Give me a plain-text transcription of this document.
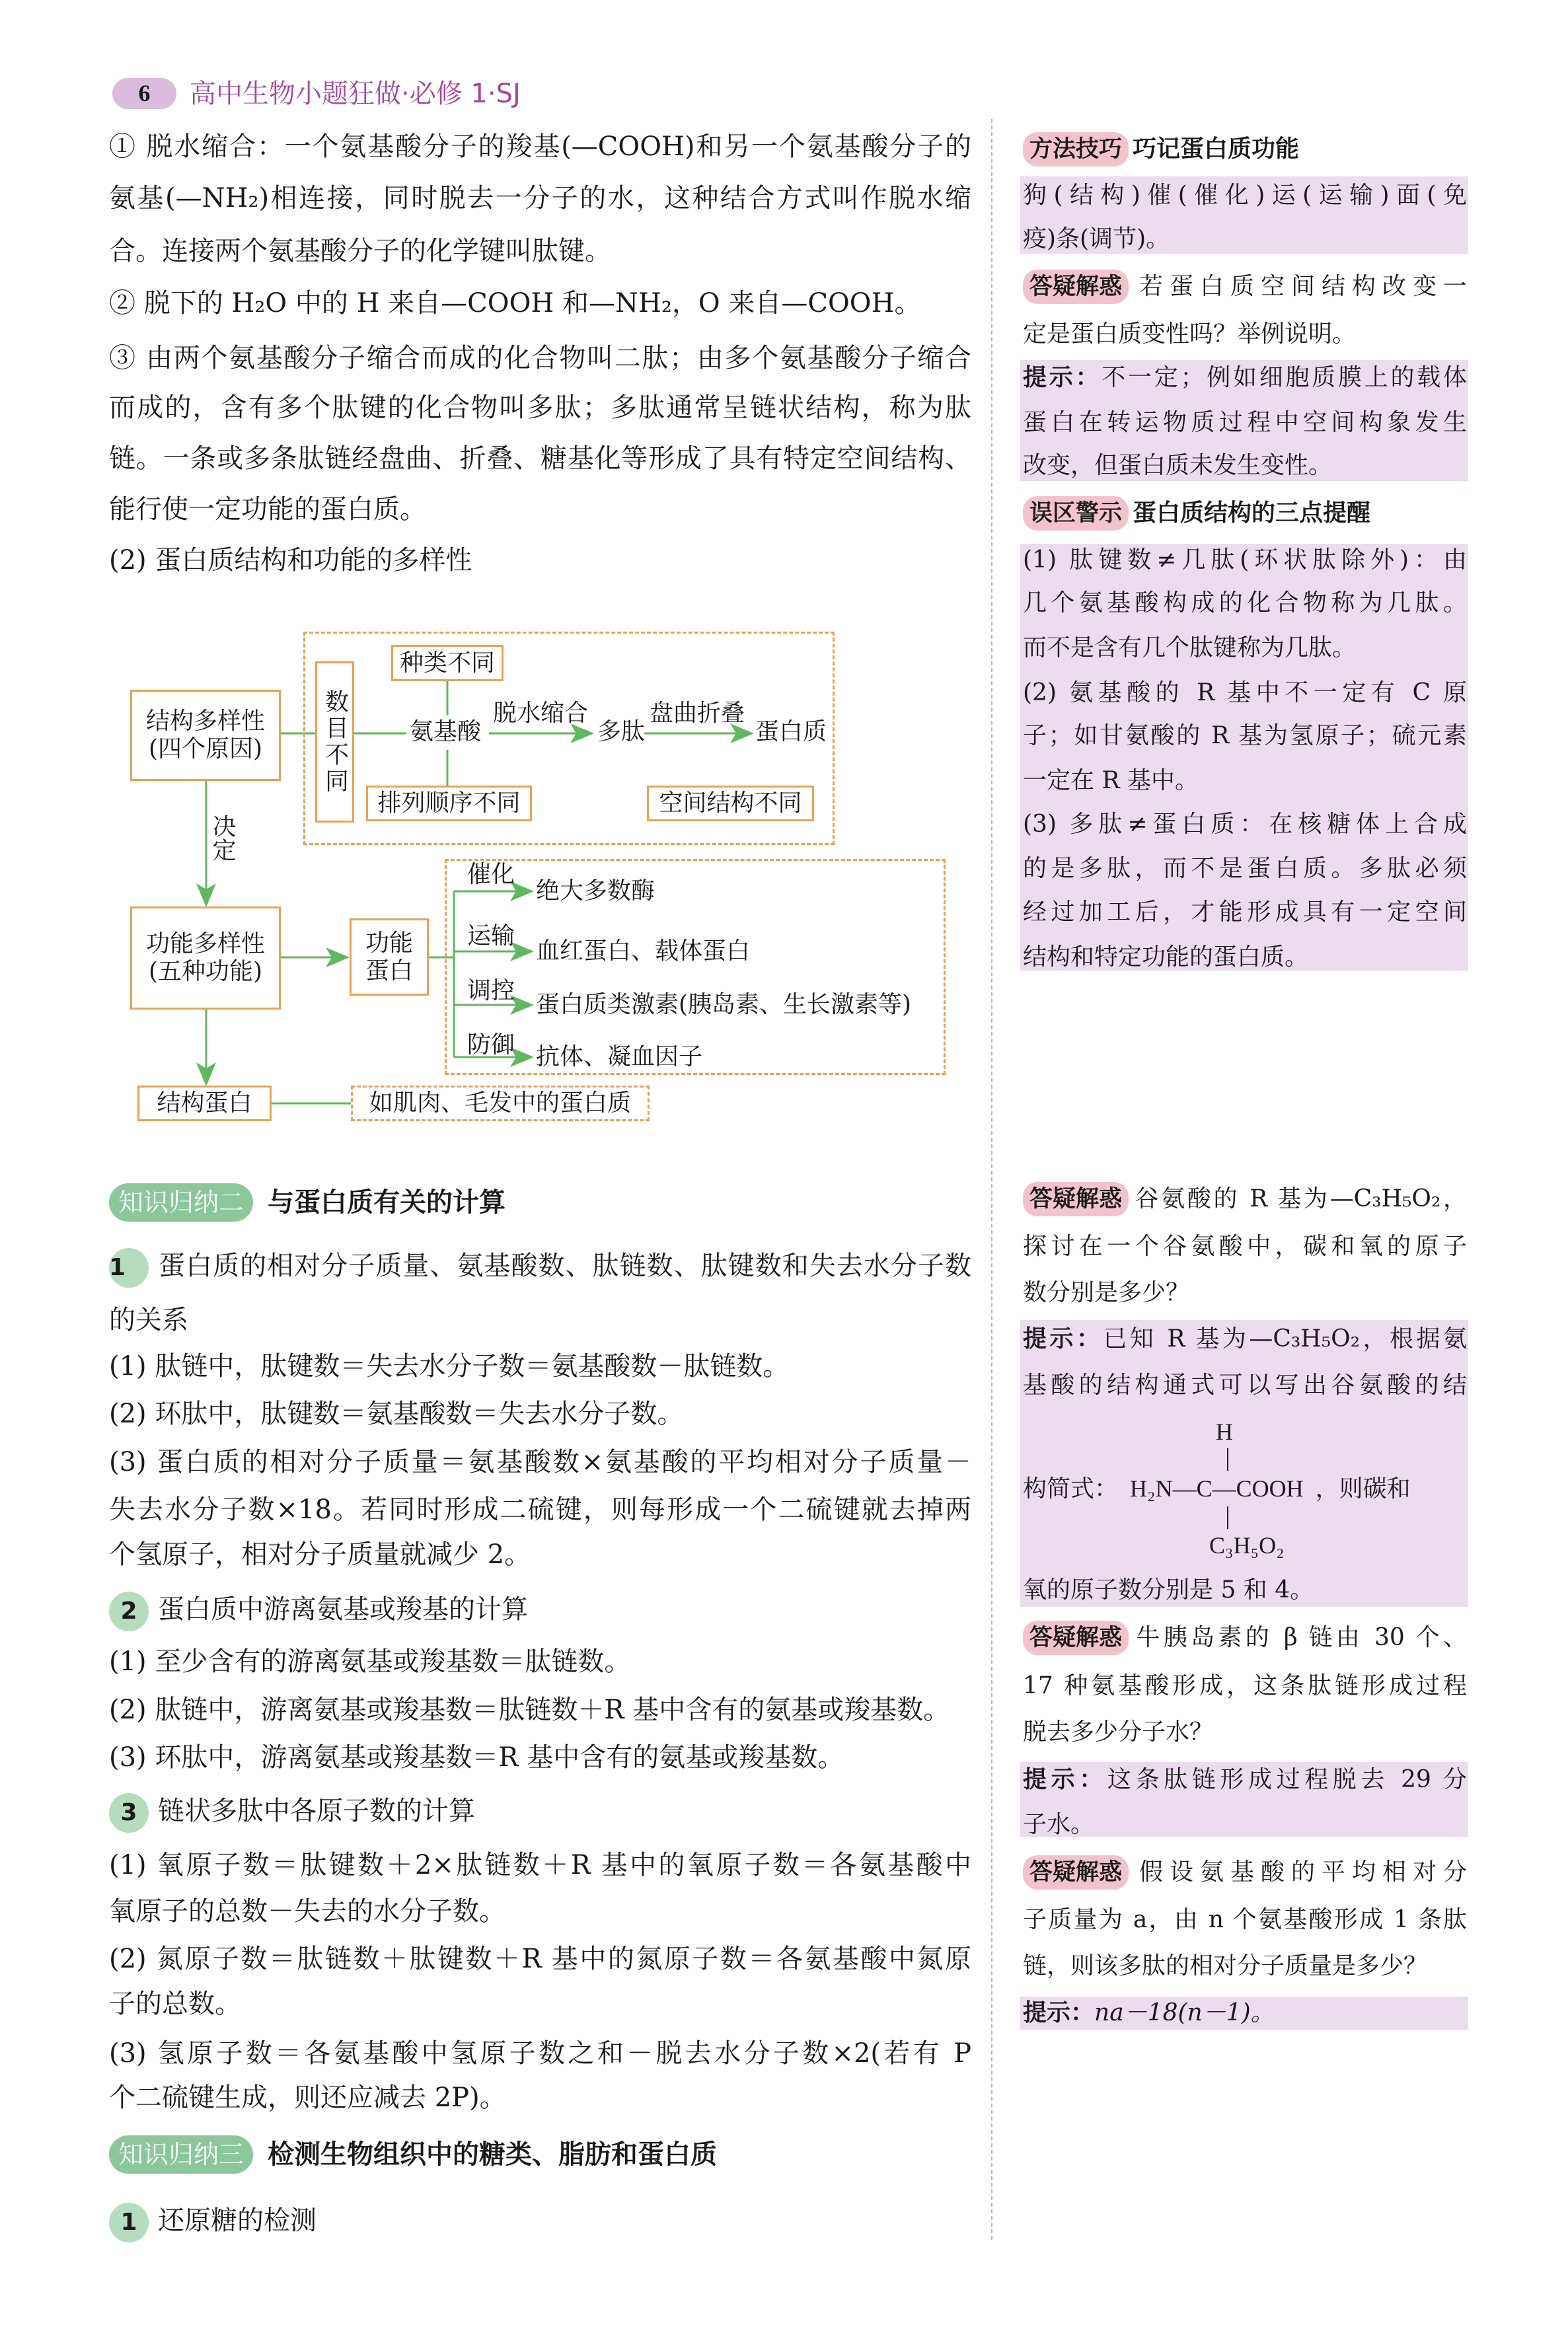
6	高中生物小题狂做·必修 1·SJ
① 脱水缩合：一个氨基酸分子的羧基(—COOH)和另一个氨基酸分子的
氨基(—NH₂)相连接，同时脱去一分子的水，这种结合方式叫作脱水缩
合。连接两个氨基酸分子的化学键叫肽键。
② 脱下的 H₂O 中的 H 来自—COOH 和—NH₂，O 来自—COOH。
③ 由两个氨基酸分子缩合而成的化合物叫二肽；由多个氨基酸分子缩合
而成的，含有多个肽键的化合物叫多肽；多肽通常呈链状结构，称为肽
链。一条或多条肽链经盘曲、折叠、糖基化等形成了具有特定空间结构、
能行使一定功能的蛋白质。
(2) 蛋白质结构和功能的多样性
结构多样性
(四个原因)	数目不同
种类不同
排列顺序不同	空间结构不同
氨基酸
脱水缩合
多肽
盘曲折叠
蛋白质
决定
功能多样性
(五种功能)
功能
蛋白
催化
绝大多数酶
运输
血红蛋白、载体蛋白
调控
蛋白质类激素(胰岛素、生长激素等)
防御 抗体、凝血因子
结构蛋白	如肌肉、毛发中的蛋白质
知识归纳二 与蛋白质有关的计算
1 蛋白质的相对分子质量、氨基酸数、肽链数、肽键数和失去水分子数
的关系
(1) 肽链中，肽键数＝失去水分子数＝氨基酸数－肽链数。
(2) 环肽中，肽键数＝氨基酸数＝失去水分子数。
(3) 蛋白质的相对分子质量＝氨基酸数×氨基酸的平均相对分子质量－
失去水分子数×18。若同时形成二硫键，则每形成一个二硫键就去掉两
个氢原子，相对分子质量就减少 2。
2 蛋白质中游离氨基或羧基的计算
(1) 至少含有的游离氨基或羧基数＝肽链数。
(2) 肽链中，游离氨基或羧基数＝肽链数＋R 基中含有的氨基或羧基数。
(3) 环肽中，游离氨基或羧基数＝R 基中含有的氨基或羧基数。
3 链状多肽中各原子数的计算
(1) 氧原子数＝肽键数＋2×肽链数＋R 基中的氧原子数＝各氨基酸中
氧原子的总数－失去的水分子数。
(2) 氮原子数＝肽链数＋肽键数＋R 基中的氮原子数＝各氨基酸中氮原
子的总数。
(3) 氢原子数＝各氨基酸中氢原子数之和－脱去水分子数×2(若有 P
个二硫键生成，则还应减去 2P)。
知识归纳三 检测生物组织中的糖类、脂肪和蛋白质
1 还原糖的检测
方法技巧 巧记蛋白质功能
狗(结构)催(催化)运(运输)面(免
疫)条(调节)。
答疑解惑 若蛋白质空间结构改变一
定是蛋白质变性吗？举例说明。
提示：不一定；例如细胞质膜上的载体
蛋白在转运物质过程中空间构象发生
改变，但蛋白质未发生变性。
误区警示 蛋白质结构的三点提醒
(1) 肽键数≠几肽(环状肽除外)：由
几个氨基酸构成的化合物称为几肽。
而不是含有几个肽键称为几肽。
(2) 氨基酸的 R 基中不一定有 C 原
子；如甘氨酸的 R 基为氢原子；硫元素
一定在 R 基中。
(3) 多肽≠蛋白质：在核糖体上合成
的是多肽，而不是蛋白质。多肽必须
经过加工后，才能形成具有一定空间
结构和特定功能的蛋白质。
答疑解惑 谷氨酸的 R 基为—C₃H₅O₂，
探讨在一个谷氨酸中，碳和氧的原子
数分别是多少？
提示：已知 R 基为—C₃H₅O₂，根据氨
基酸的结构通式可以写出谷氨酸的结
H
构简式： H₂N—C—COOH ，则碳和
C₃H₅O₂
氧的原子数分别是 5 和 4。
答疑解惑 牛胰岛素的 β 链由 30 个、
17 种氨基酸形成，这条肽链形成过程
脱去多少分子水？
提示：这条肽链形成过程脱去 29 分
子水。
答疑解惑 假设氨基酸的平均相对分
子质量为 a，由 n 个氨基酸形成 1 条肽
链，则该多肽的相对分子质量是多少？
提示：na－18(n－1)。
